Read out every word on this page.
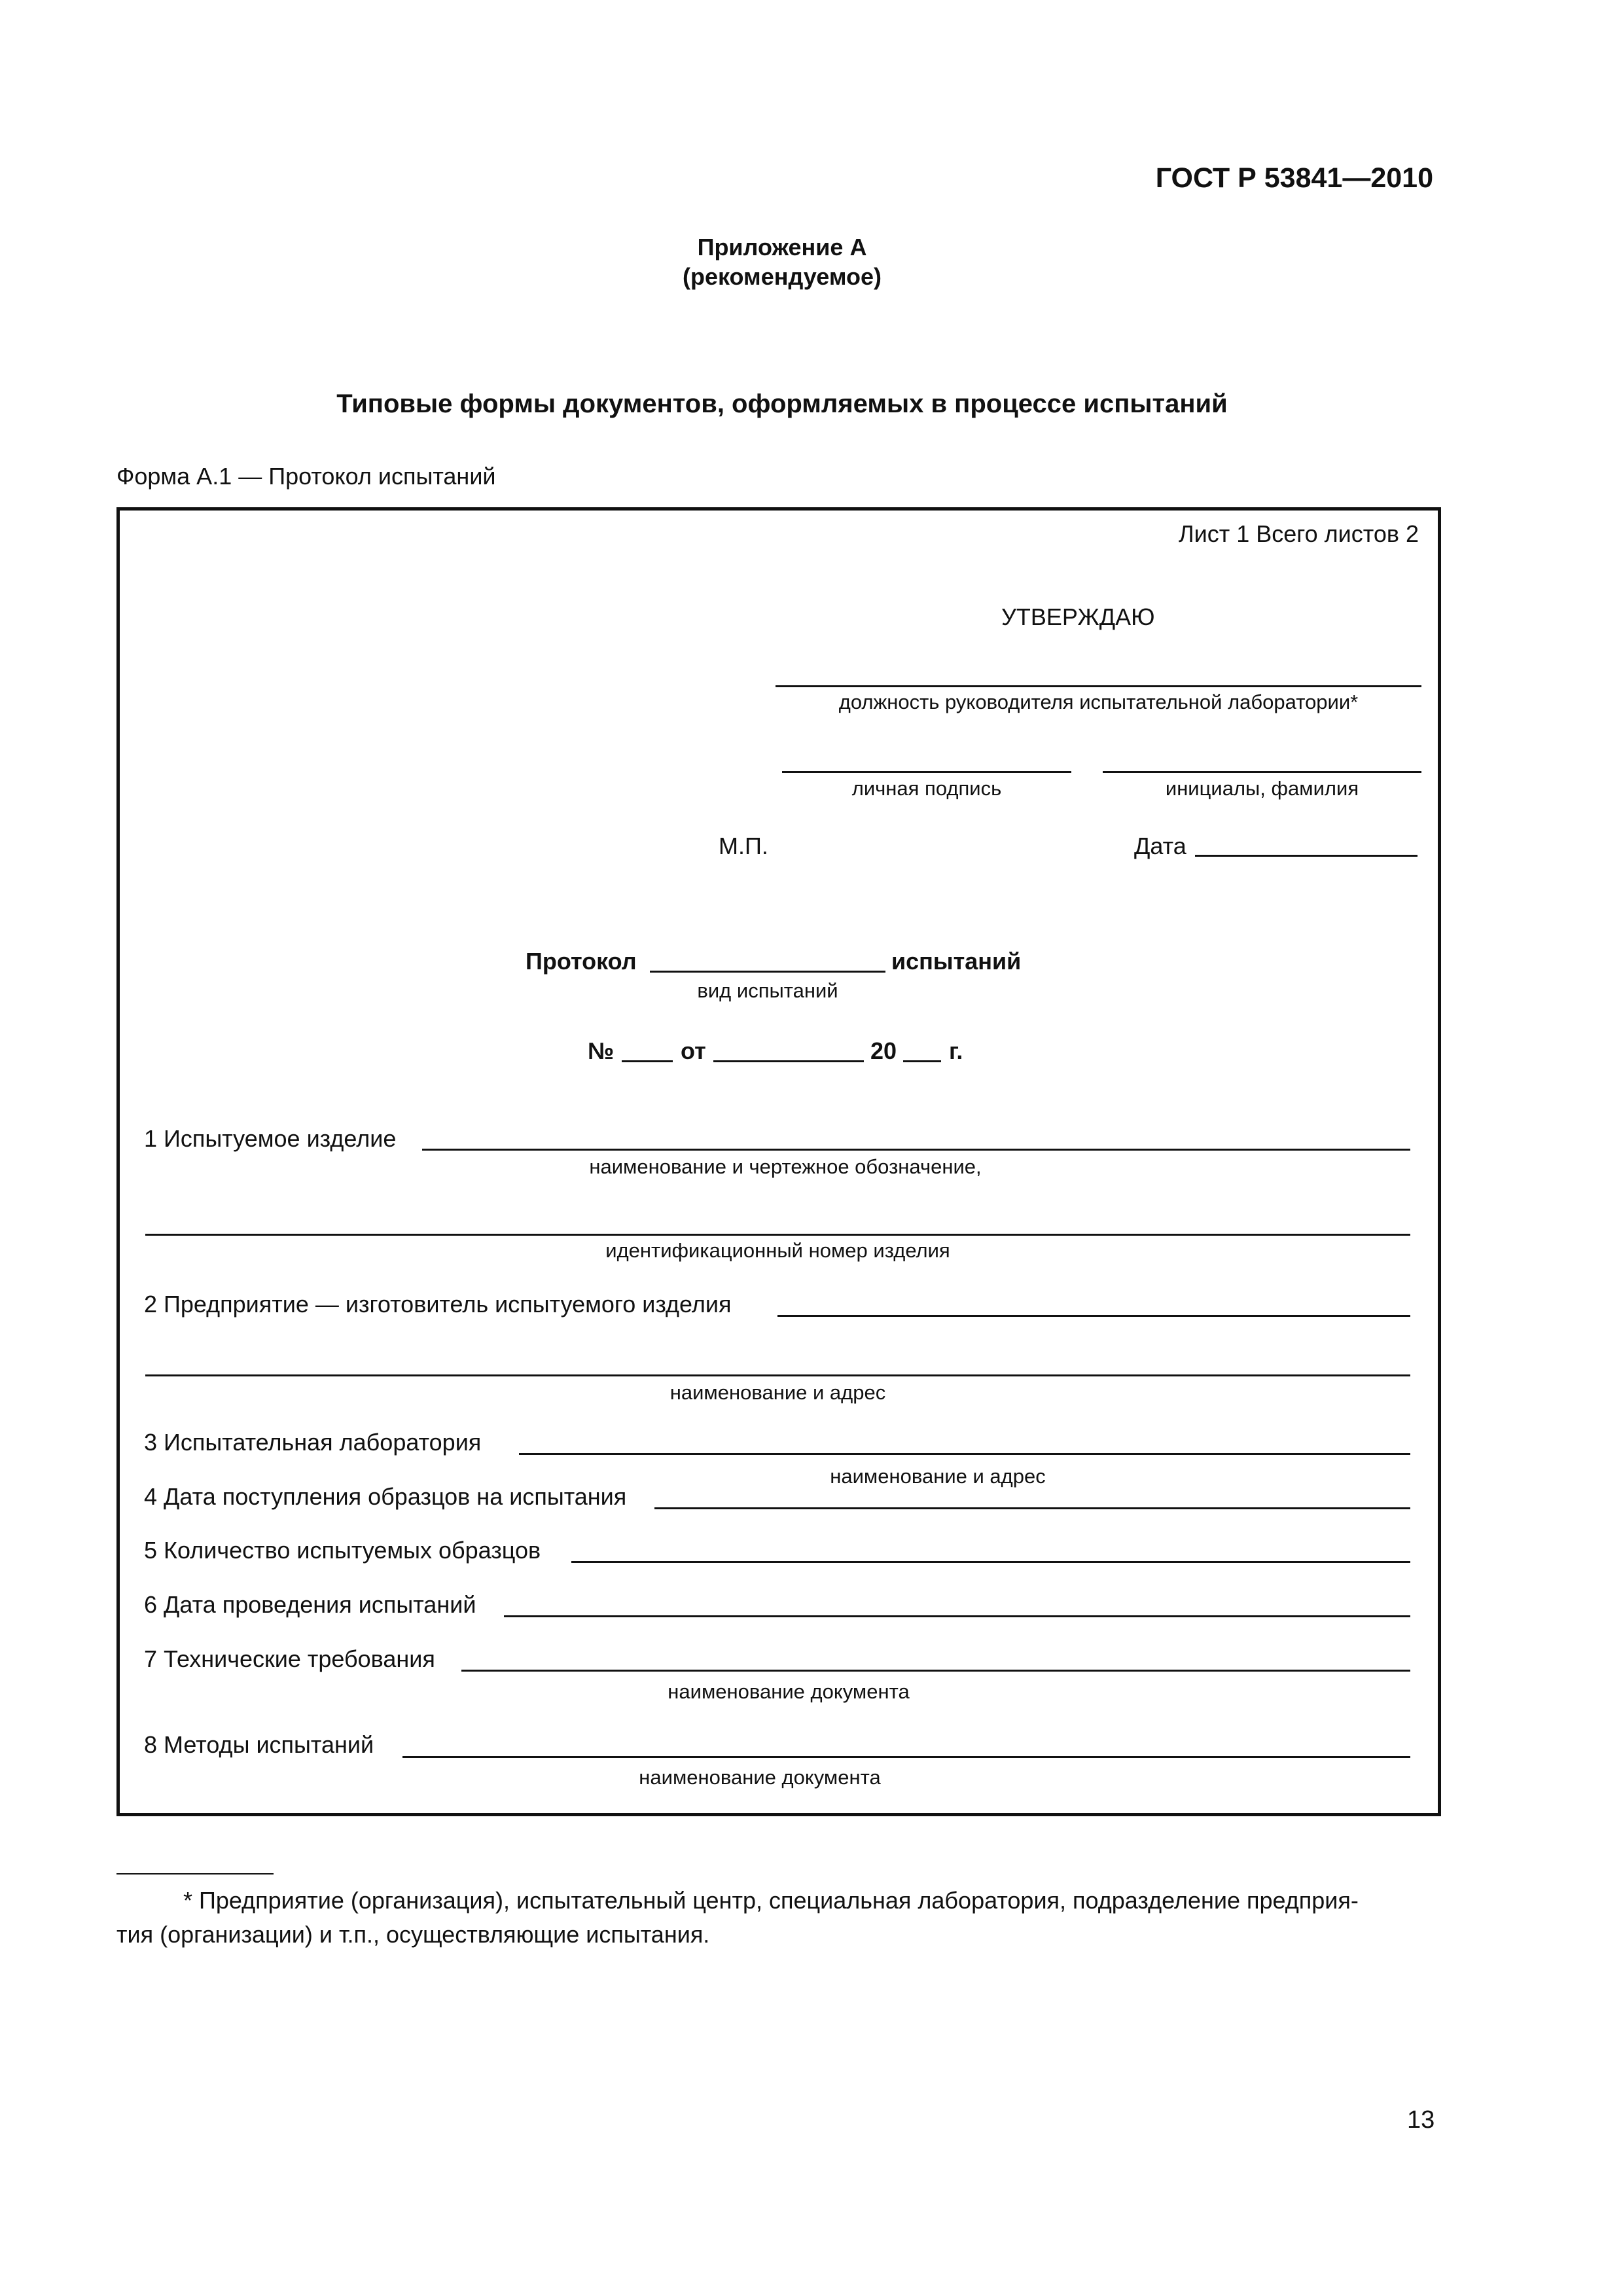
ГОСТ Р 53841—2010
Приложение А
(рекомендуемое)
Типовые формы документов, оформляемых в процессе испытаний
Форма А.1 — Протокол испытаний
Лист 1 Всего листов 2
УТВЕРЖДАЮ
должность руководителя испытательной лаборатории*
личная подпись	инициалы, фамилия
М.П.	Дата
Протокол	испытаний
вид испытаний
№	от	20 г.
1 Испытуемое изделие
наименование и чертежное обозначение,
идентификационный номер изделия
2 Предприятие — изготовитель испытуемого изделия
наименование и адрес
3 Испытательная лаборатория
наименование и адрес
4 Дата поступления образцов на испытания
5 Количество испытуемых образцов
6 Дата проведения испытаний
7 Технические требования
наименование документа
8 Методы испытаний
наименование документа
* Предприятие (организация), испытательный центр, специальная лаборатория, подразделение предприя-
тия (организации) и т.п., осуществляющие испытания.
13
